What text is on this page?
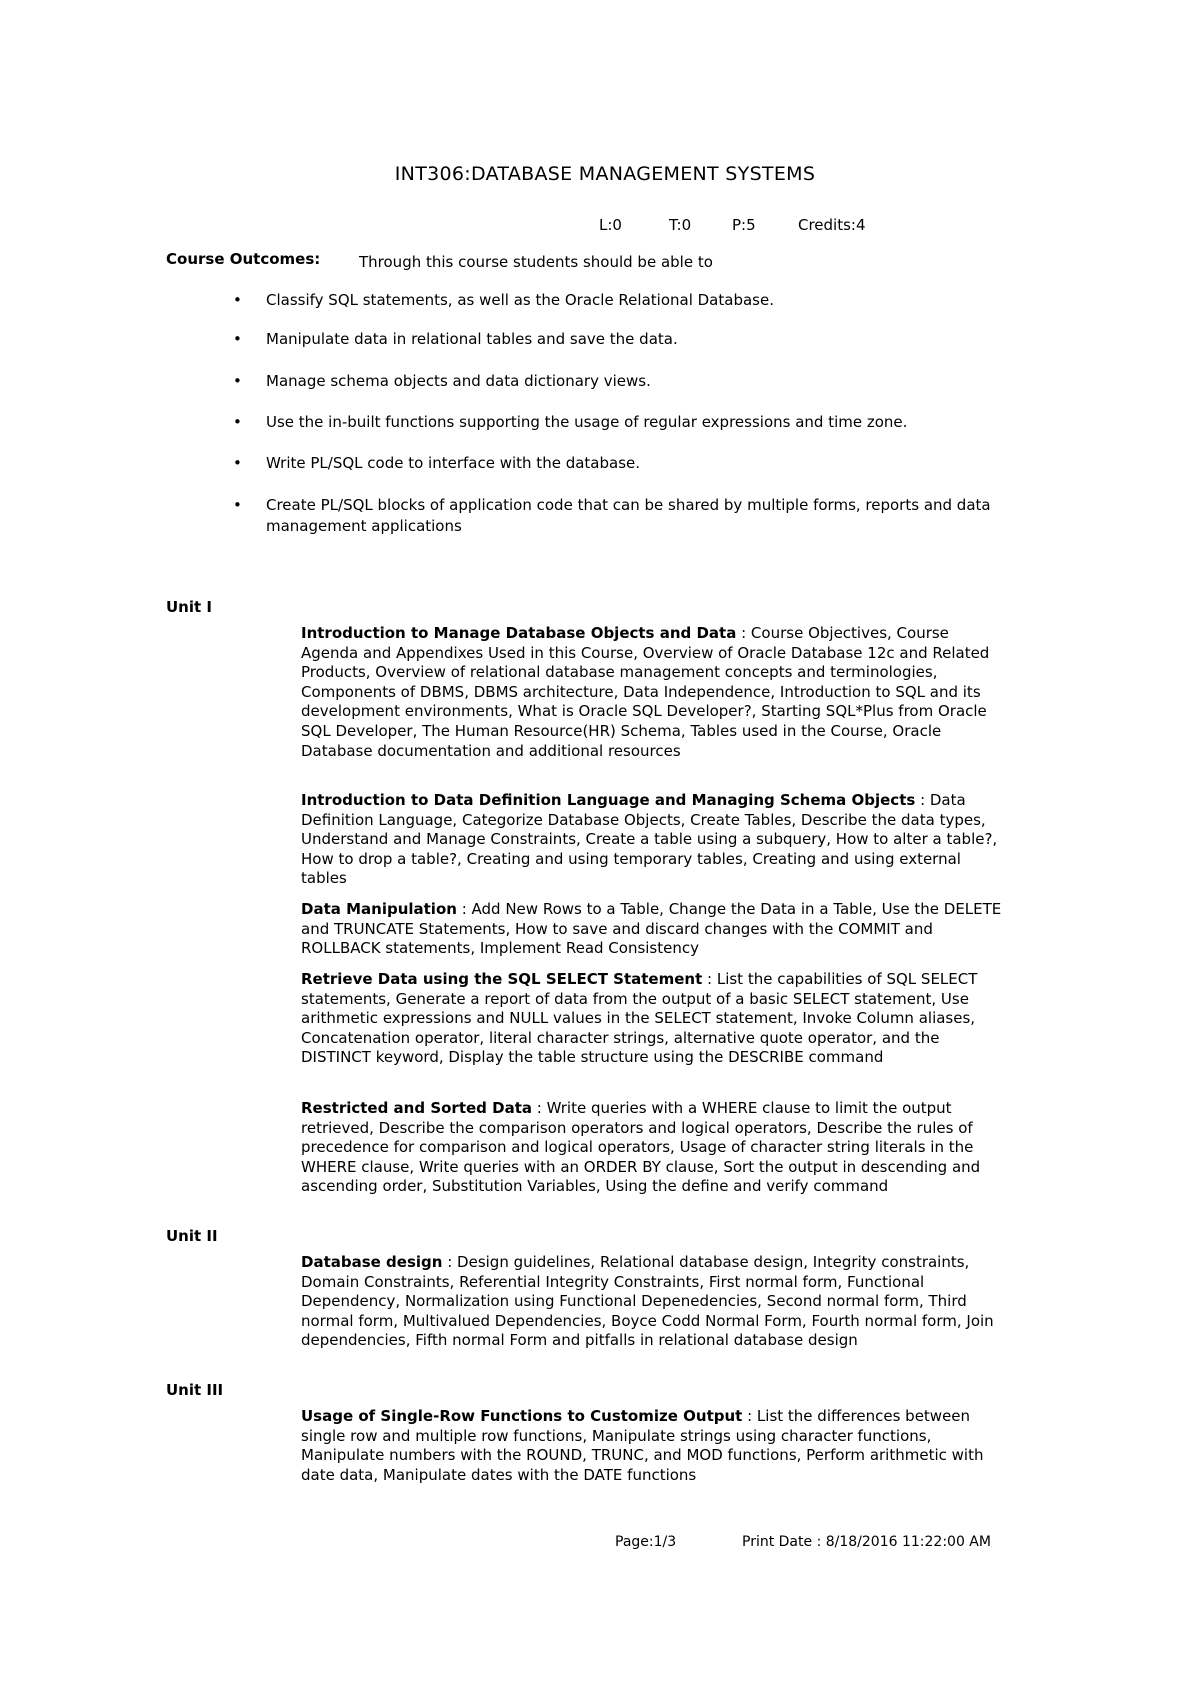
INT306:DATABASE MANAGEMENT SYSTEMS
L:0	T:0	P:5	Credits:4
Course Outcomes:	Through this course students should be able to
• Classify SQL statements, as well as the Oracle Relational Database.
• Manipulate data in relational tables and save the data.
• Manage schema objects and data dictionary views.
• Use the in-built functions supporting the usage of regular expressions and time zone.
• Write PL/SQL code to interface with the database.
• Create PL/SQL blocks of application code that can be shared by multiple forms, reports and data management applications
Unit I
Introduction to Manage Database Objects and Data : Course Objectives, Course Agenda and Appendixes Used in this Course, Overview of Oracle Database 12c and Related Products, Overview of relational database management concepts and terminologies, Components of DBMS, DBMS architecture, Data Independence, Introduction to SQL and its development environments, What is Oracle SQL Developer?, Starting SQL*Plus from Oracle SQL Developer, The Human Resource(HR) Schema, Tables used in the Course, Oracle Database documentation and additional resources
Introduction to Data Definition Language and Managing Schema Objects : Data Definition Language, Categorize Database Objects, Create Tables, Describe the data types, Understand and Manage Constraints, Create a table using a subquery, How to alter a table?, How to drop a table?, Creating and using temporary tables, Creating and using external tables
Data Manipulation : Add New Rows to a Table, Change the Data in a Table, Use the DELETE and TRUNCATE Statements, How to save and discard changes with the COMMIT and ROLLBACK statements, Implement Read Consistency
Retrieve Data using the SQL SELECT Statement : List the capabilities of SQL SELECT statements, Generate a report of data from the output of a basic SELECT statement, Use arithmetic expressions and NULL values in the SELECT statement, Invoke Column aliases, Concatenation operator, literal character strings, alternative quote operator, and the DISTINCT keyword, Display the table structure using the DESCRIBE command
Restricted and Sorted Data : Write queries with a WHERE clause to limit the output retrieved, Describe the comparison operators and logical operators, Describe the rules of precedence for comparison and logical operators, Usage of character string literals in the WHERE clause, Write queries with an ORDER BY clause, Sort the output in descending and ascending order, Substitution Variables, Using the define and verify command
Unit II
Database design : Design guidelines, Relational database design, Integrity constraints, Domain Constraints, Referential Integrity Constraints, First normal form, Functional Dependency, Normalization using Functional Depenedencies, Second normal form, Third normal form, Multivalued Dependencies, Boyce Codd Normal Form, Fourth normal form, Join dependencies, Fifth normal Form and pitfalls in relational database design
Unit III
Usage of Single-Row Functions to Customize Output : List the differences between single row and multiple row functions, Manipulate strings using character functions, Manipulate numbers with the ROUND, TRUNC, and MOD functions, Perform arithmetic with date data, Manipulate dates with the DATE functions
Page:1/3	Print Date : 8/18/2016 11:22:00 AM
